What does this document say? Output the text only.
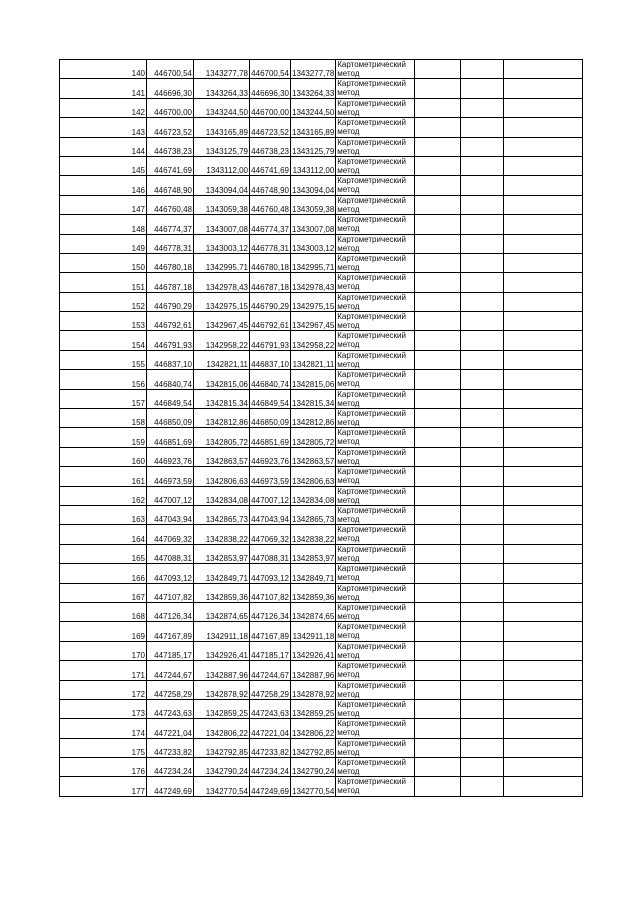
140	446700,54	1343277,78	446700,54	1343277,78	Картометрический
метод			

141	446696,30	1343264,33	446696,30	1343264,33	Картометрический
метод			

142	446700,00	1343244,50	446700,00	1343244,50	Картометрический
метод			

143	446723,52	1343165,89	446723,52	1343165,89	Картометрический
метод			

144	446738,23	1343125,79	446738,23	1343125,79	Картометрический
метод			

145	446741,69	1343112,00	446741,69	1343112,00	Картометрический
метод			

146	446748,90	1343094,04	446748,90	1343094,04	Картометрический
метод			

147	446760,48	1343059,38	446760,48	1343059,38	Картометрический
метод			

148	446774,37	1343007,08	446774,37	1343007,08	Картометрический
метод			

149	446778,31	1343003,12	446778,31	1343003,12	Картометрический
метод			

150	446780,18	1342995,71	446780,18	1342995,71	Картометрический
метод			

151	446787,18	1342978,43	446787,18	1342978,43	Картометрический
метод			

152	446790,29	1342975,15	446790,29	1342975,15	Картометрический
метод			

153	446792,61	1342967,45	446792,61	1342967,45	Картометрический
метод			

154	446791,93	1342958,22	446791,93	1342958,22	Картометрический
метод			

155	446837,10	1342821,11	446837,10	1342821,11	Картометрический
метод			

156	446840,74	1342815,06	446840,74	1342815,06	Картометрический
метод			

157	446849,54	1342815,34	446849,54	1342815,34	Картометрический
метод			

158	446850,09	1342812,86	446850,09	1342812,86	Картометрический
метод			

159	446851,69	1342805,72	446851,69	1342805,72	Картометрический
метод			

160	446923,76	1342863,57	446923,76	1342863,57	Картометрический
метод			

161	446973,59	1342806,63	446973,59	1342806,63	Картометрический
метод			

162	447007,12	1342834,08	447007,12	1342834,08	Картометрический
метод			

163	447043,94	1342865,73	447043,94	1342865,73	Картометрический
метод			

164	447069,32	1342838,22	447069,32	1342838,22	Картометрический
метод			

165	447088,31	1342853,97	447088,31	1342853,97	Картометрический
метод			

166	447093,12	1342849,71	447093,12	1342849,71	Картометрический
метод			

167	447107,82	1342859,36	447107,82	1342859,36	Картометрический
метод			

168	447126,34	1342874,65	447126,34	1342874,65	Картометрический
метод			

169	447167,89	1342911,18	447167,89	1342911,18	Картометрический
метод			

170	447185,17	1342926,41	447185,17	1342926,41	Картометрический
метод			

171	447244,67	1342887,96	447244,67	1342887,96	Картометрический
метод			

172	447258,29	1342878,92	447258,29	1342878,92	Картометрический
метод			

173	447243,63	1342859,25	447243,63	1342859,25	Картометрический
метод			

174	447221,04	1342806,22	447221,04	1342806,22	Картометрический
метод			

175	447233,82	1342792,85	447233,82	1342792,85	Картометрический
метод			

176	447234,24	1342790,24	447234,24	1342790,24	Картометрический
метод			

177	447249,69	1342770,54	447249,69	1342770,54	Картометрический
метод			
